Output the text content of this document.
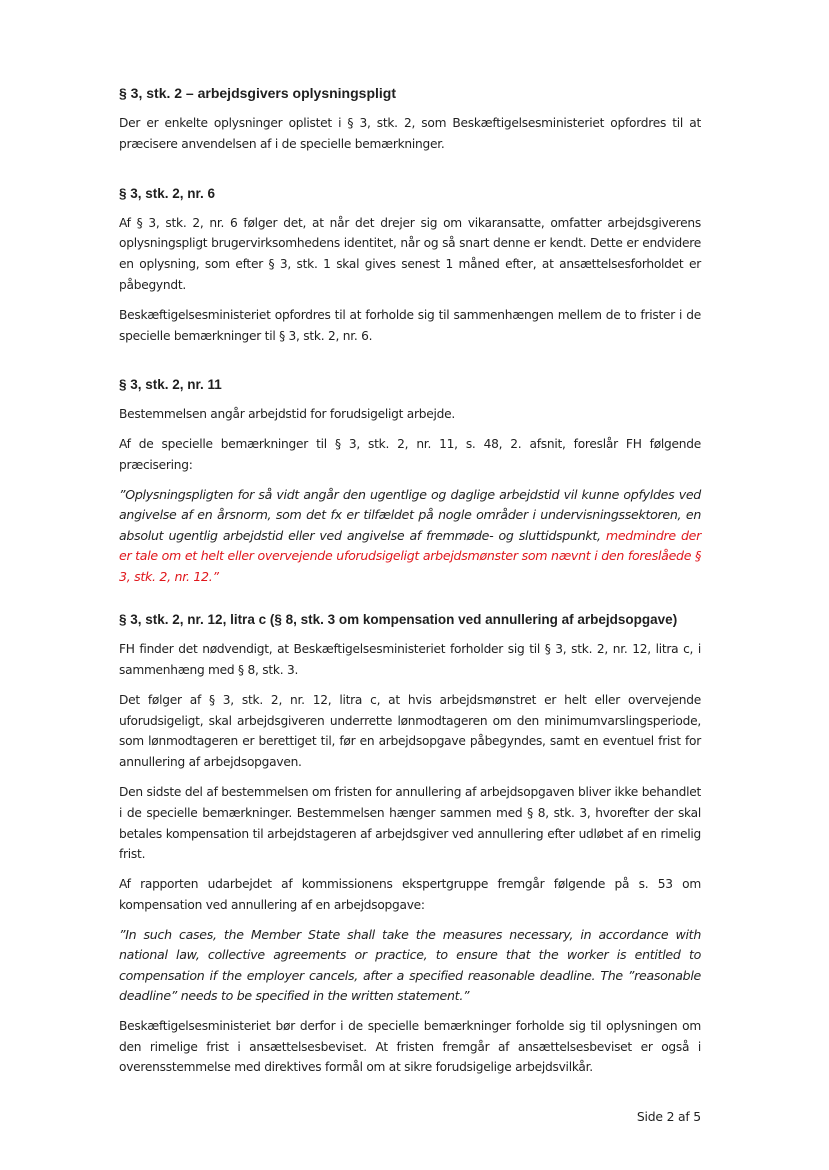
§ 3, stk. 2 – arbejdsgivers oplysningspligt

Der er enkelte oplysninger oplistet i § 3, stk. 2, som Beskæftigelsesministeriet opfordres til at præcisere anvendelsen af i de specielle bemærkninger.

§ 3, stk. 2, nr. 6

Af § 3, stk. 2, nr. 6 følger det, at når det drejer sig om vikaransatte, omfatter arbejdsgiverens oplysningspligt brugervirksomhedens identitet, når og så snart denne er kendt. Dette er endvidere en oplysning, som efter § 3, stk. 1 skal gives senest 1 måned efter, at ansættelsesforholdet er påbegyndt.

Beskæftigelsesministeriet opfordres til at forholde sig til sammenhængen mellem de to frister i de specielle bemærkninger til § 3, stk. 2, nr. 6.

§ 3, stk. 2, nr. 11

Bestemmelsen angår arbejdstid for forudsigeligt arbejde.

Af de specielle bemærkninger til § 3, stk. 2, nr. 11, s. 48, 2. afsnit, foreslår FH følgende præcisering:

”Oplysningspligten for så vidt angår den ugentlige og daglige arbejdstid vil kunne opfyldes ved angivelse af en årsnorm, som det fx er tilfældet på nogle områder i undervisningssektoren, en absolut ugentlig arbejdstid eller ved angivelse af fremmøde- og sluttidspunkt, medmindre der er tale om et helt eller overvejende uforudsigeligt arbejdsmønster som nævnt i den foreslåede § 3, stk. 2, nr. 12.”

§ 3, stk. 2, nr. 12, litra c (§ 8, stk. 3 om kompensation ved annullering af arbejdsopgave)

FH finder det nødvendigt, at Beskæftigelsesministeriet forholder sig til § 3, stk. 2, nr. 12, litra c, i sammenhæng med § 8, stk. 3.

Det følger af § 3, stk. 2, nr. 12, litra c, at hvis arbejdsmønstret er helt eller overvejende uforudsigeligt, skal arbejdsgiveren underrette lønmodtageren om den minimumvarslingsperiode, som lønmodtageren er berettiget til, før en arbejdsopgave påbegyndes, samt en eventuel frist for annullering af arbejdsopgaven.

Den sidste del af bestemmelsen om fristen for annullering af arbejdsopgaven bliver ikke behandlet i de specielle bemærkninger. Bestemmelsen hænger sammen med § 8, stk. 3, hvorefter der skal betales kompensation til arbejdstageren af arbejdsgiver ved annullering efter udløbet af en rimelig frist.

Af rapporten udarbejdet af kommissionens ekspertgruppe fremgår følgende på s. 53 om kompensation ved annullering af en arbejdsopgave:

”In such cases, the Member State shall take the measures necessary, in accordance with national law, collective agreements or practice, to ensure that the worker is entitled to compensation if the employer cancels, after a specified reasonable deadline. The ”reasonable deadline” needs to be specified in the written statement.”

Beskæftigelsesministeriet bør derfor i de specielle bemærkninger forholde sig til oplysningen om den rimelige frist i ansættelsesbeviset. At fristen fremgår af ansættelsesbeviset er også i overensstemmelse med direktives formål om at sikre forudsigelige arbejdsvilkår.

Side 2 af 5
